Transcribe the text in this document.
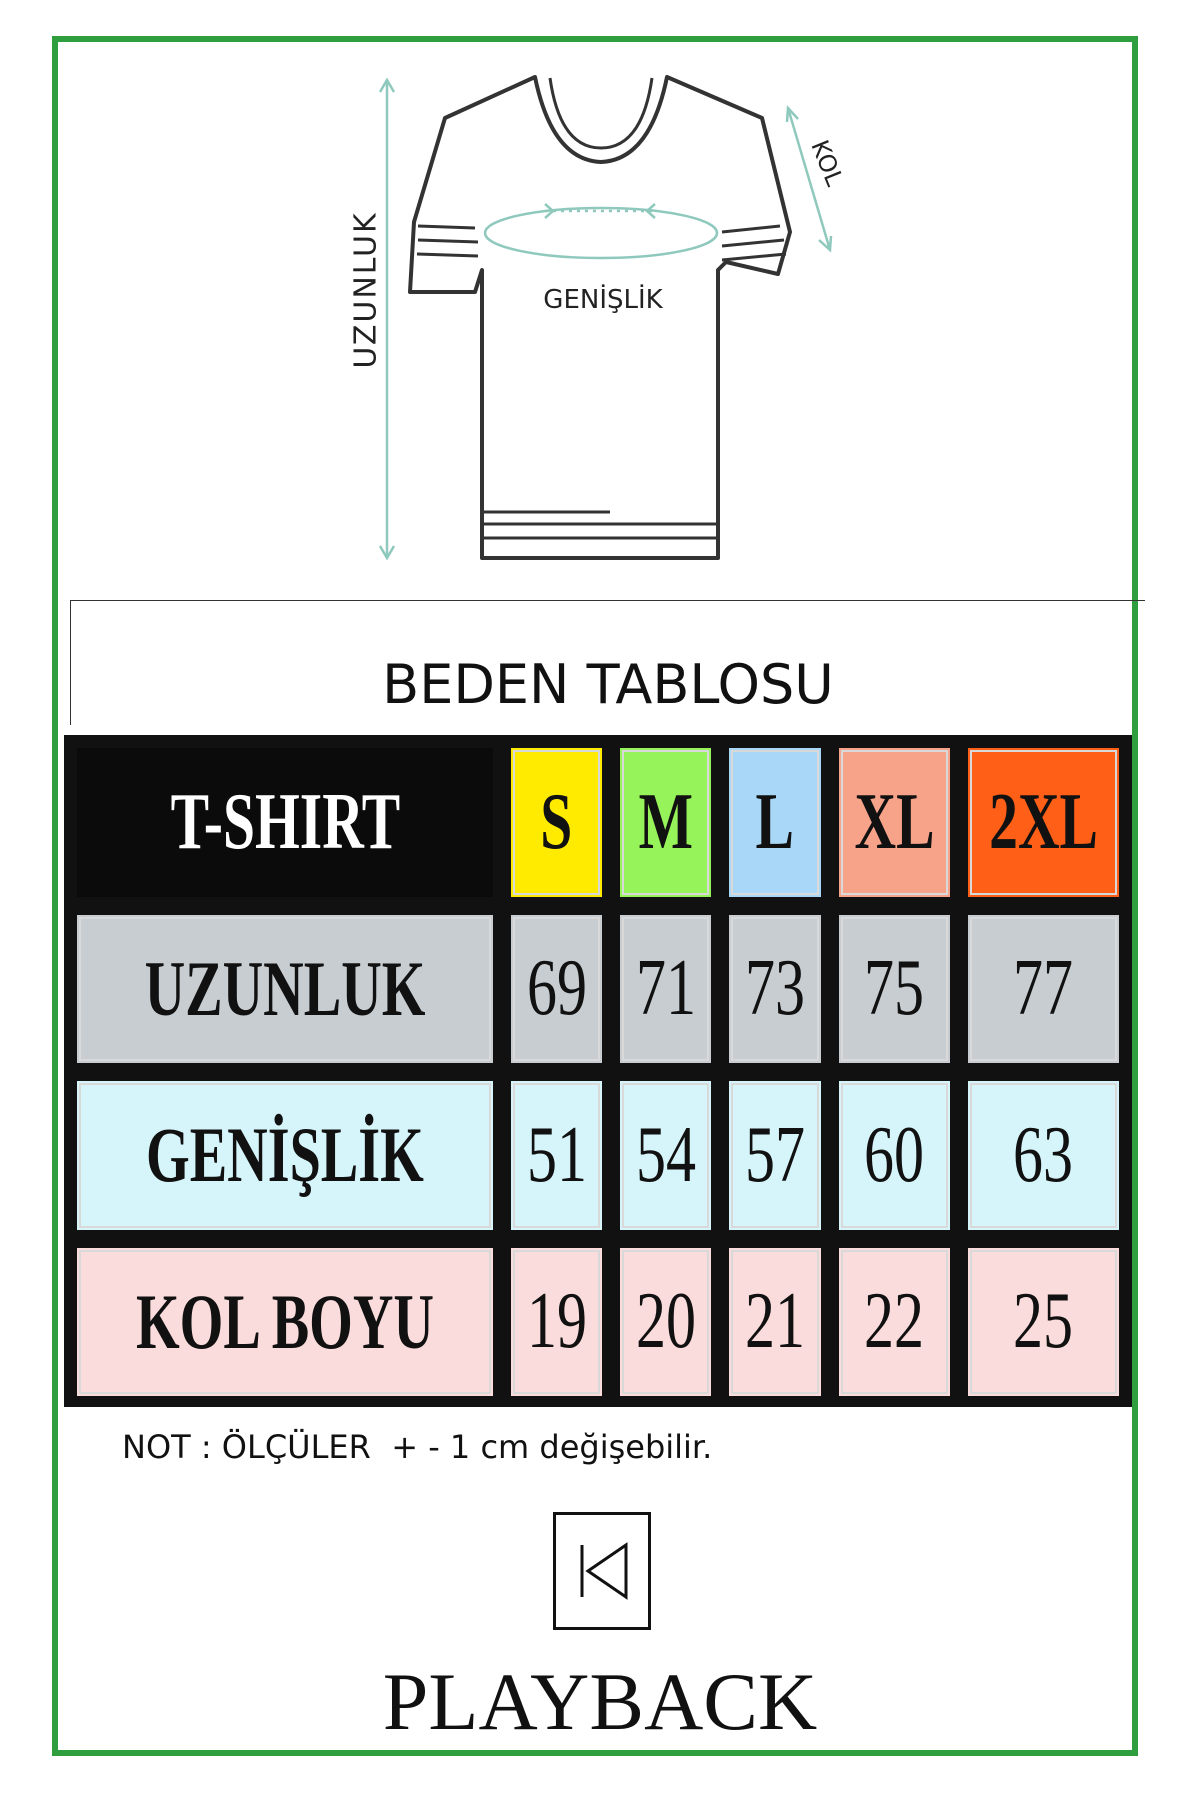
UZUNLUK	GENİŞLİK
KOL
BEDEN TABLOSU
T-SHIRT S M L XL 2XL
UZUNLUK 69 71 73 75 77
GENİŞLİK 51 54 57 60 63
KOL BOYU 19 20 21 22 25
NOT : ÖLÇÜLER  + - 1 cm değişebilir.
PLAYBACK
